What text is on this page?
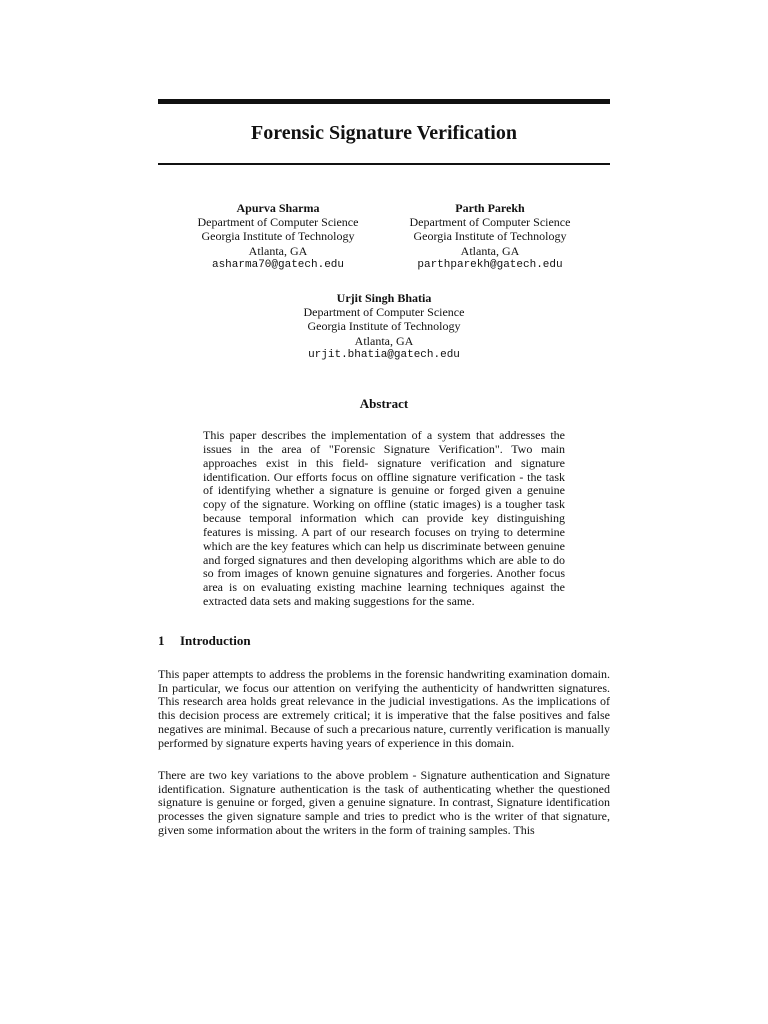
Forensic Signature Verification
Apurva Sharma
Department of Computer Science
Georgia Institute of Technology
Atlanta, GA
asharma70@gatech.edu
Parth Parekh
Department of Computer Science
Georgia Institute of Technology
Atlanta, GA
parthparekh@gatech.edu
Urjit Singh Bhatia
Department of Computer Science
Georgia Institute of Technology
Atlanta, GA
urjit.bhatia@gatech.edu
Abstract

This paper describes the implementation of a system that addresses the issues in the area of "Forensic Signature Verification". Two main approaches exist in this field- signature verification and signature identification. Our efforts focus on offline signature verification - the task of identifying whether a signature is genuine or forged given a genuine copy of the signature. Working on offline (static images) is a tougher task because temporal information which can provide key distinguishing features is missing. A part of our research focuses on trying to determine which are the key features which can help us discriminate between genuine and forged signatures and then developing algorithms which are able to do so from images of known genuine signatures and forgeries. Another focus area is on evaluating existing machine learning techniques against the extracted data sets and making suggestions for the same.

1 Introduction

This paper attempts to address the problems in the forensic handwriting examination domain. In particular, we focus our attention on verifying the authenticity of handwritten signatures. This research area holds great relevance in the judicial investigations. As the implications of this decision process are extremely critical; it is imperative that the false positives and false negatives are minimal. Because of such a precarious nature, currently verification is manually performed by signature experts having years of experience in this domain.

There are two key variations to the above problem - Signature authentication and Signature identification. Signature authentication is the task of authenticating whether the questioned signature is genuine or forged, given a genuine signature. In contrast, Signature identification processes the given signature sample and tries to predict who is the writer of that signature, given some information about the writers in the form of training samples. This
